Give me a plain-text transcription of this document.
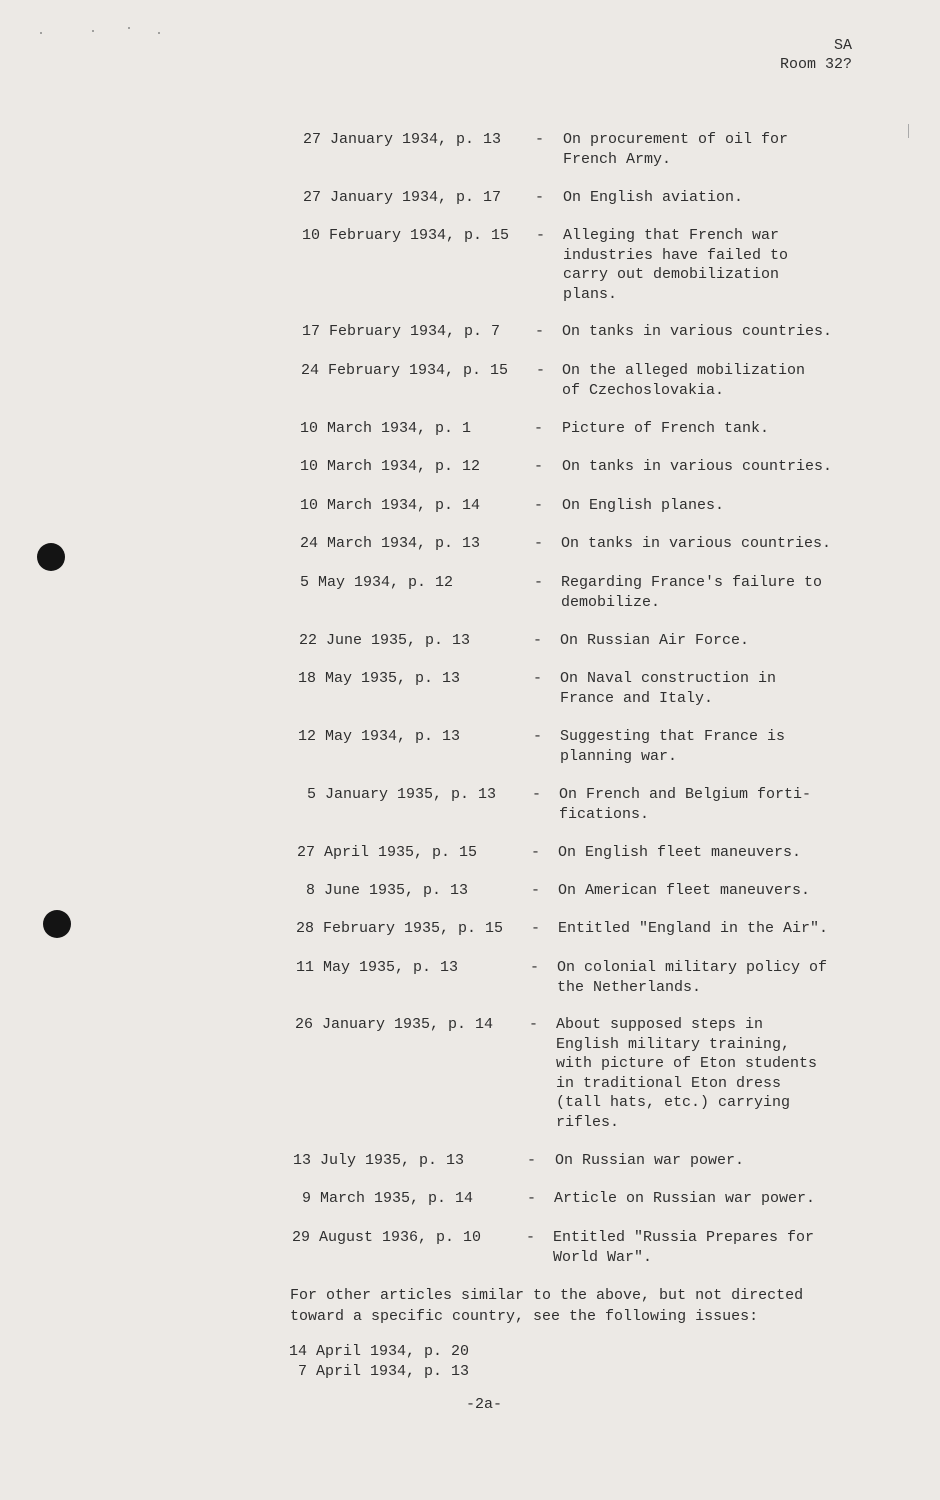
SA
Room 32?
27 January 1934, p. 13 - On procurement of oil for
French Army.
27 January 1934, p. 17 - On English aviation.
10 February 1934, p. 15 - Alleging that French war
industries have failed to
carry out demobilization
plans.
17 February 1934, p. 7 - On tanks in various countries.
24 February 1934, p. 15 - On the alleged mobilization
of Czechoslovakia.
10 March 1934, p. 1	- Picture of French tank.
10 March 1934, p. 12	- On tanks in various countries.
10 March 1934, p. 14	- On English planes.
24 March 1934, p. 13	- On tanks in various countries.
5 May 1934, p. 12	- Regarding France's failure to
demobilize.
22 June 1935, p. 13	- On Russian Air Force.
18 May 1935, p. 13	- On Naval construction in
France and Italy.
12 May 1934, p. 13	- Suggesting that France is
planning war.
5 January 1935, p. 13 - On French and Belgium forti-
fications.
27 April 1935, p. 15	- On English fleet maneuvers.
8 June 1935, p. 13	- On American fleet maneuvers.
28 February 1935, p. 15 - Entitled "England in the Air".
11 May 1935, p. 13	- On colonial military policy of
the Netherlands.
26 January 1935, p. 14 - About supposed steps in
English military training,
with picture of Eton students
in traditional Eton dress
(tall hats, etc.) carrying
rifles.
13 July 1935, p. 13	- On Russian war power.
9 March 1935, p. 14	- Article on Russian war power.
29 August 1936, p. 10	- Entitled "Russia Prepares for
World War".
For other articles similar to the above, but not directed
toward a specific country, see the following issues:
14 April 1934, p. 20
7 April 1934, p. 13
-2a-
